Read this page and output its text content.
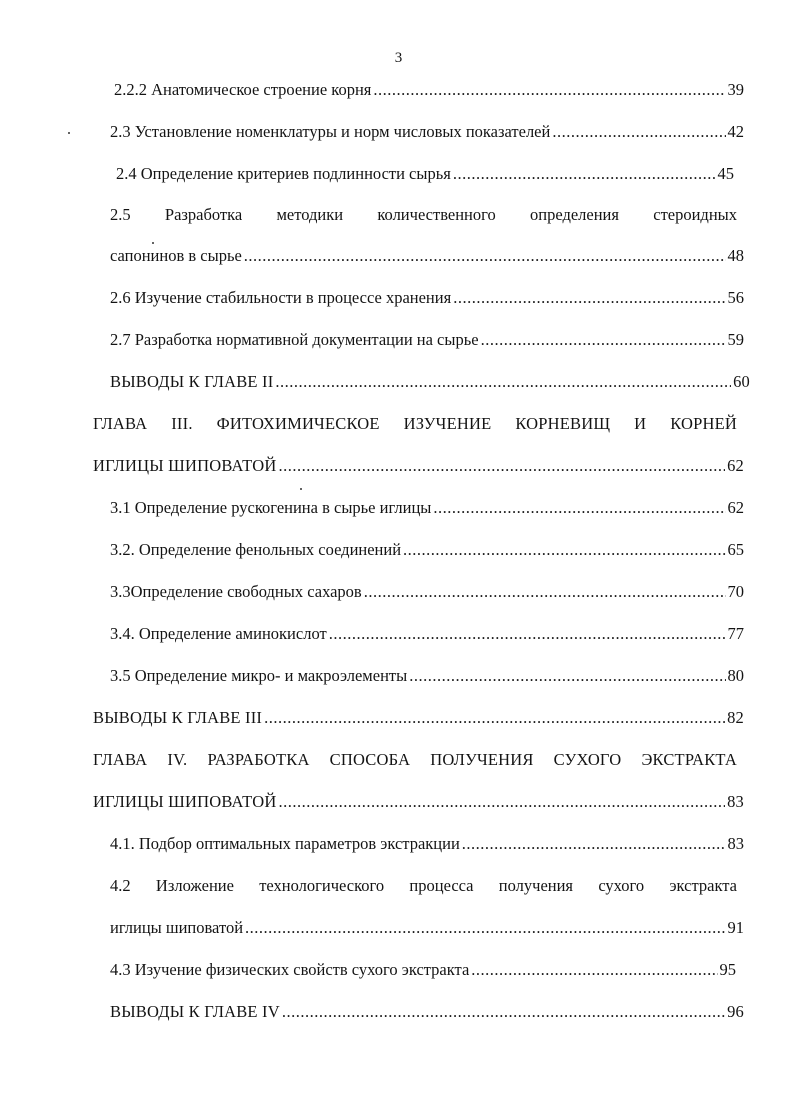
3
2.2.2 Анатомическое строение корня .....	39
2.3 Установление номенклатуры и норм числовых показателей .....	42
2.4 Определение критериев подлинности сырья .....	45
2.5 Разработка методики количественного определения стероидных
сапонинов в сырье .....	48
2.6 Изучение стабильности в процессе хранения .....	56
2.7 Разработка нормативной документации на сырье .....	59
ВЫВОДЫ К ГЛАВЕ II .....	60
ГЛАВА III. ФИТОХИМИЧЕСКОЕ ИЗУЧЕНИЕ КОРНЕВИЩ И КОРНЕЙ
ИГЛИЦЫ ШИПОВАТОЙ .....	62
3.1 Определение рускогенина в сырье иглицы .....	62
3.2. Определение фенольных соединений .....	65
3.3Определение свободных сахаров .....	70
3.4. Определение аминокислот .....	77
3.5 Определение микро- и макроэлементы .....	80
ВЫВОДЫ К ГЛАВЕ III .....	82
ГЛАВА IV. РАЗРАБОТКА СПОСОБА ПОЛУЧЕНИЯ СУХОГО ЭКСТРАКТА
ИГЛИЦЫ ШИПОВАТОЙ .....	83
4.1. Подбор оптимальных параметров экстракции .....	83
4.2 Изложение технологического процесса получения сухого экстракта
иглицы шиповатой .....	91
4.3 Изучение физических свойств сухого экстракта .....	95
ВЫВОДЫ К ГЛАВЕ IV .....	96
